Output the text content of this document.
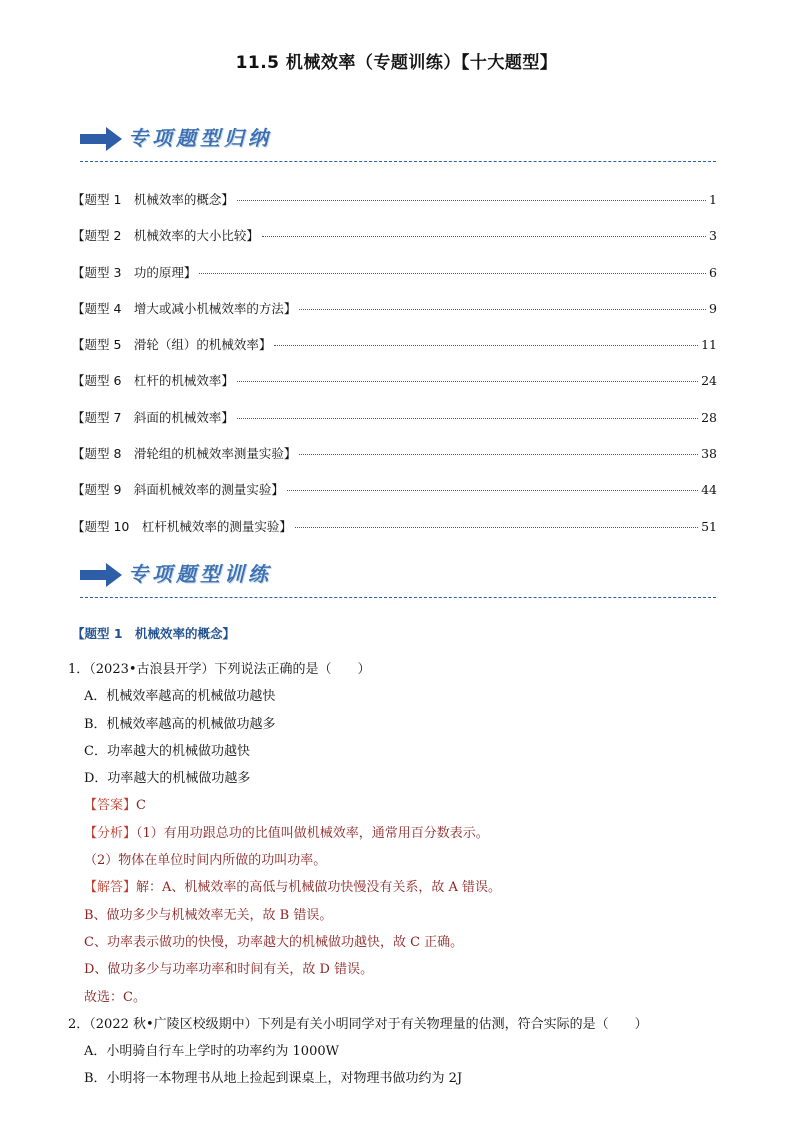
11.5 机械效率（专题训练）【十大题型】
专项题型归纳
【题型 1　机械效率的概念】	1
【题型 2　机械效率的大小比较】	3
【题型 3　功的原理】	6
【题型 4　增大或减小机械效率的方法】	9
【题型 5　滑轮（组）的机械效率】	11
【题型 6　杠杆的机械效率】	24
【题型 7　斜面的机械效率】	28
【题型 8　滑轮组的机械效率测量实验】	38
【题型 9　斜面机械效率的测量实验】	44
【题型 10　杠杆机械效率的测量实验】	51
专项题型训练
【题型 1　机械效率的概念】
1．（2023•古浪县开学）下列说法正确的是（　　）
A．机械效率越高的机械做功越快
B．机械效率越高的机械做功越多
C．功率越大的机械做功越快
D．功率越大的机械做功越多
【答案】C
【分析】（1）有用功跟总功的比值叫做机械效率，通常用百分数表示。
（2）物体在单位时间内所做的功叫功率。
【解答】解：A、机械效率的高低与机械做功快慢没有关系，故 A 错误。
B、做功多少与机械效率无关，故 B 错误。
C、功率表示做功的快慢，功率越大的机械做功越快，故 C 正确。
D、做功多少与功率功率和时间有关，故 D 错误。
故选：C。
2．（2022 秋•广陵区校级期中）下列是有关小明同学对于有关物理量的估测，符合实际的是（　　）
A．小明骑自行车上学时的功率约为 1000W
B．小明将一本物理书从地上捡起到课桌上，对物理书做功约为 2J
